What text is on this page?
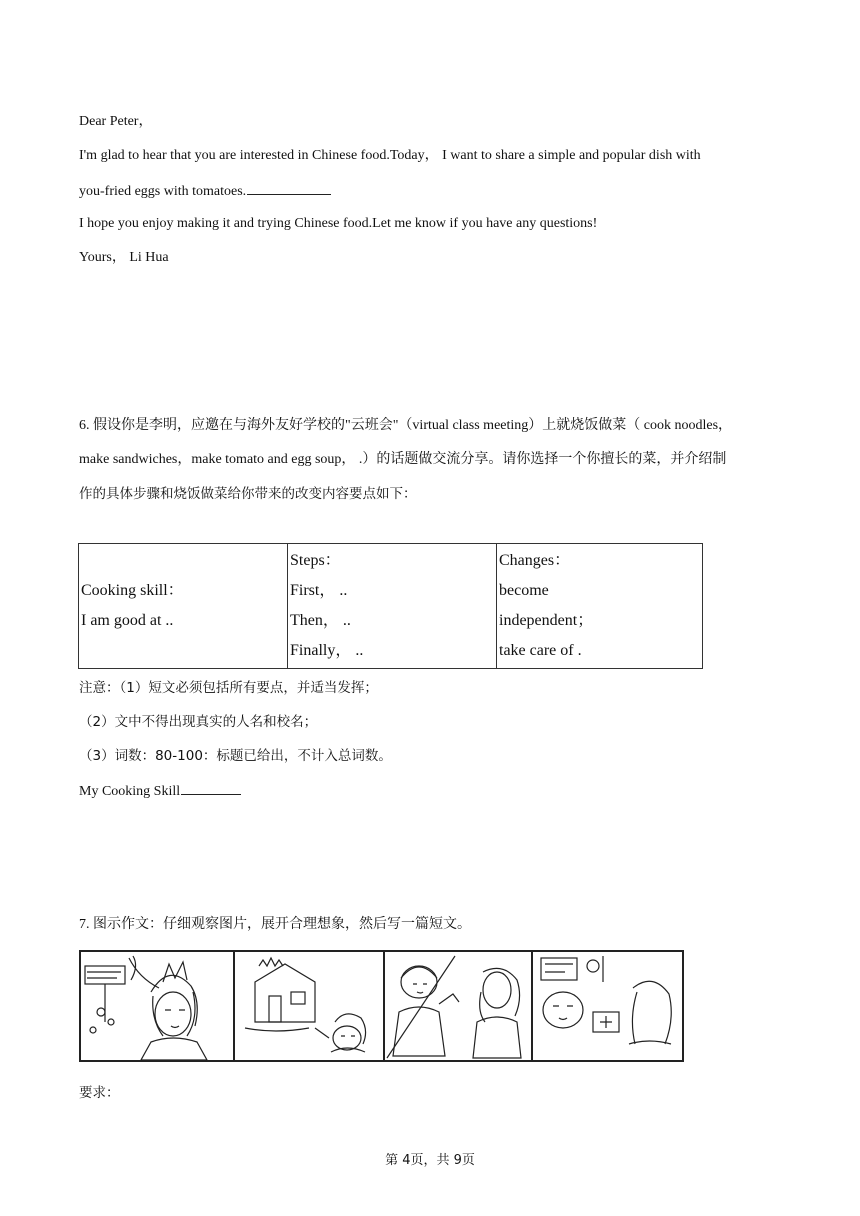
Dear Peter，
I'm glad to hear that you are interested in Chinese food.Today， I want to share a simple and popular dish with
you-fried eggs with tomatoes.
I hope you enjoy making it and trying Chinese food.Let me know if you have any questions!
Yours， Li Hua
6. 假设你是李明，应邀在与海外友好学校的"云班会"（virtual class meeting）上就烧饭做菜（ cook noodles，
make sandwiches，make tomato and egg soup， .）的话题做交流分享。请你选择一个你擅长的菜，并介绍制
作的具体步骤和烧饭做菜给你带来的改变内容要点如下：
Cooking skill：
I am good at ..

Steps：
First， ..
Then， ..
Finally， ..

Changes：
become
independent；
take care of .
注意：（1）短文必须包括所有要点，并适当发挥；
（2）文中不得出现真实的人名和校名；
（3）词数：80-100：标题已给出，不计入总词数。
My Cooking Skill
7. 图示作文：仔细观察图片，展开合理想象，然后写一篇短文。
要求：
第 4页，共 9页
